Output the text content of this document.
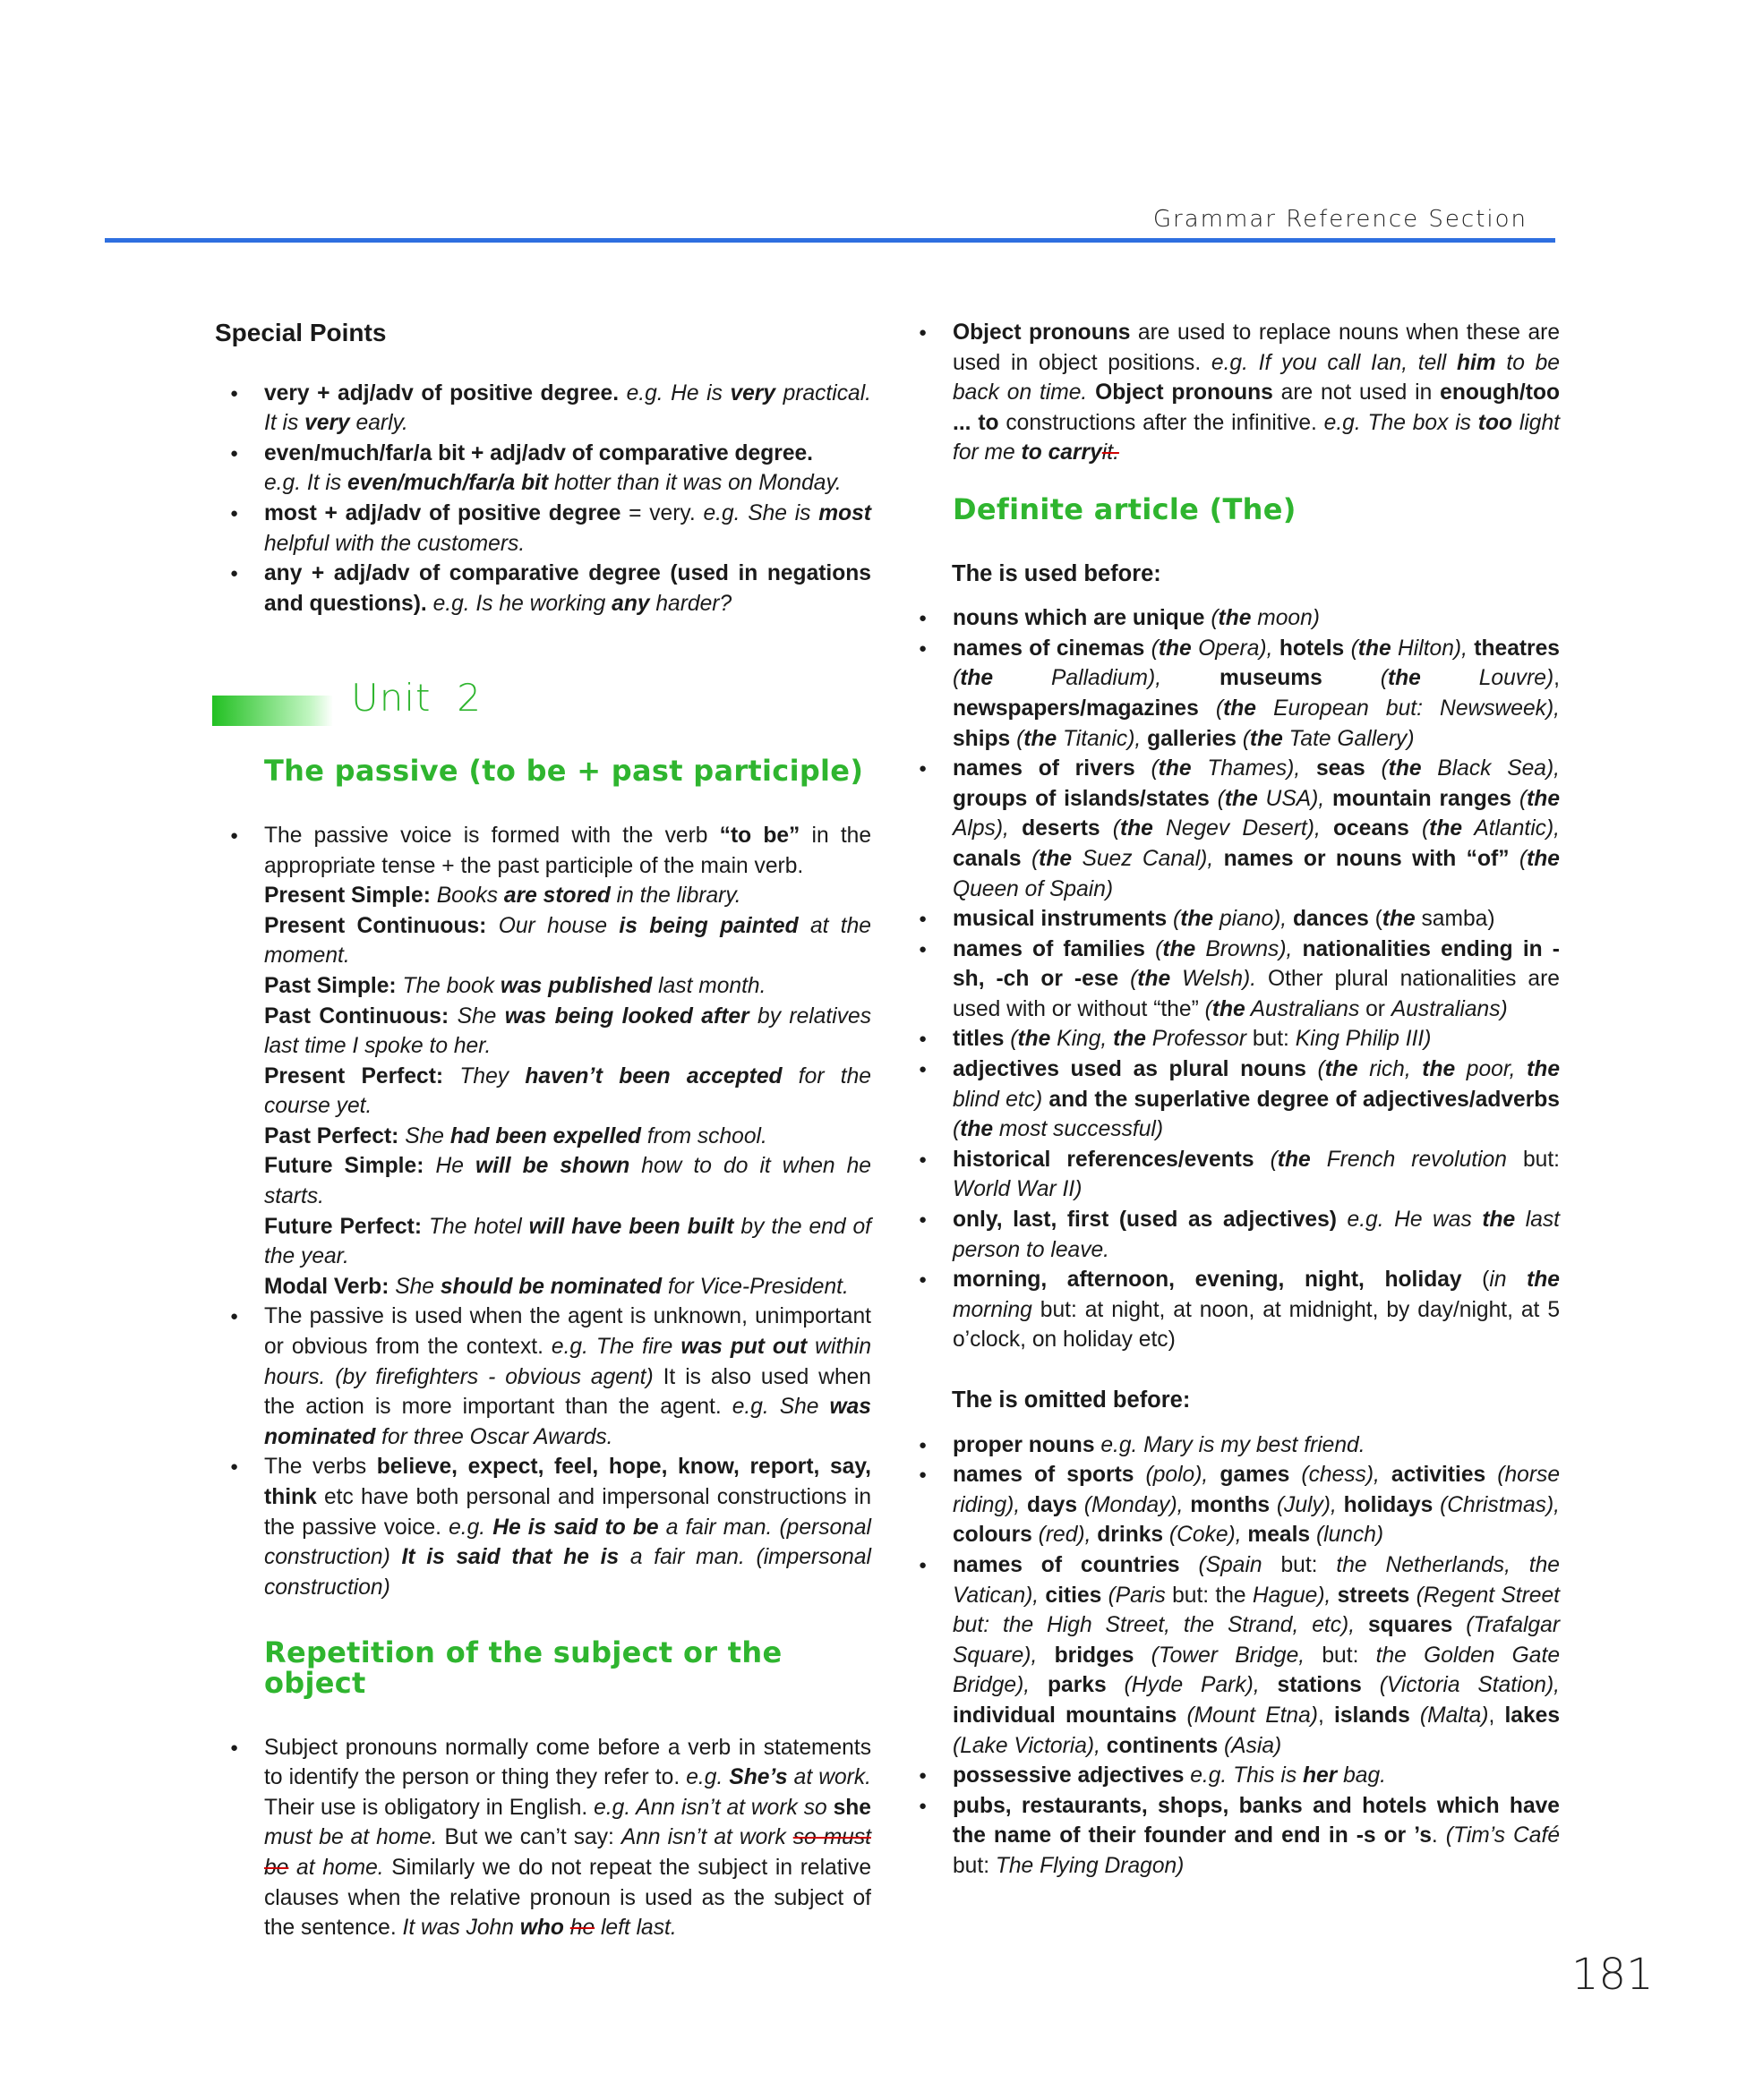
Grammar Reference Section
Special Points
● very + adj/adv of positive degree. e.g. He is very practical. It is very early.
● even/much/far/a bit + adj/adv of comparative degree.
e.g. It is even/much/far/a bit hotter than it was on Monday.
● most + adj/adv of positive degree = very. e.g. She is most helpful with the customers.
● any + adj/adv of comparative degree (used in negations and questions). e.g. Is he working any harder?
Unit 2
The passive (to be + past participle)
● The passive voice is formed with the verb “to be” in the appropriate tense + the past participle of the main verb.
Present Simple: Books are stored in the library.
Present Continuous: Our house is being painted at the moment.
Past Simple: The book was published last month.
Past Continuous: She was being looked after by relatives last time I spoke to her.
Present Perfect: They haven’t been accepted for the course yet.
Past Perfect: She had been expelled from school.
Future Simple: He will be shown how to do it when he starts.
Future Perfect: The hotel will have been built by the end of the year.
Modal Verb: She should be nominated for Vice-President.
● The passive is used when the agent is unknown, unimportant or obvious from the context. e.g. The fire was put out within hours. (by firefighters - obvious agent) It is also used when the action is more important than the agent. e.g. She was nominated for three Oscar Awards.
● The verbs believe, expect, feel, hope, know, report, say, think etc have both personal and impersonal constructions in the passive voice. e.g. He is said to be a fair man. (personal construction) It is said that he is a fair man. (impersonal construction)
Repetition of the subject or the object
● Subject pronouns normally come before a verb in statements to identify the person or thing they refer to. e.g. She’s at work. Their use is obligatory in English. e.g. Ann isn’t at work so she must be at home. But we can’t say: Ann isn’t at work so must be at home. Similarly we do not repeat the subject in relative clauses when the relative pronoun is used as the subject of the sentence. It was John who he left last.
● Object pronouns are used to replace nouns when these are used in object positions. e.g. If you call Ian, tell him to be back on time. Object pronouns are not used in enough/too ... to constructions after the infinitive. e.g. The box is too light for me to carryit.
Definite article (The)
The is used before:
● nouns which are unique (the moon)
● names of cinemas (the Opera), hotels (the Hilton), theatres (the Palladium), museums (the Louvre), newspapers/magazines (the European but: Newsweek), ships (the Titanic), galleries (the Tate Gallery)
● names of rivers (the Thames), seas (the Black Sea), groups of islands/states (the USA), mountain ranges (the Alps), deserts (the Negev Desert), oceans (the Atlantic), canals (the Suez Canal), names or nouns with “of” (the Queen of Spain)
● musical instruments (the piano), dances (the samba)
● names of families (the Browns), nationalities ending in -sh, -ch or -ese (the Welsh). Other plural nationalities are used with or without “the” (the Australians or Australians)
● titles (the King, the Professor but: King Philip III)
● adjectives used as plural nouns (the rich, the poor, the blind etc) and the superlative degree of adjectives/adverbs (the most successful)
● historical references/events (the French revolution but: World War II)
● only, last, first (used as adjectives) e.g. He was the last person to leave.
● morning, afternoon, evening, night, holiday (in the morning but: at night, at noon, at midnight, by day/night, at 5 o’clock, on holiday etc)
The is omitted before:
● proper nouns e.g. Mary is my best friend.
● names of sports (polo), games (chess), activities (horse riding), days (Monday), months (July), holidays (Christmas), colours (red), drinks (Coke), meals (lunch)
● names of countries (Spain but: the Netherlands, the Vatican), cities (Paris but: the Hague), streets (Regent Street but: the High Street, the Strand, etc), squares (Trafalgar Square), bridges (Tower Bridge, but: the Golden Gate Bridge), parks (Hyde Park), stations (Victoria Station), individual mountains (Mount Etna), islands (Malta), lakes (Lake Victoria), continents (Asia)
● possessive adjectives e.g. This is her bag.
● pubs, restaurants, shops, banks and hotels which have the name of their founder and end in -s or ’s. (Tim’s Café but: The Flying Dragon)
181
